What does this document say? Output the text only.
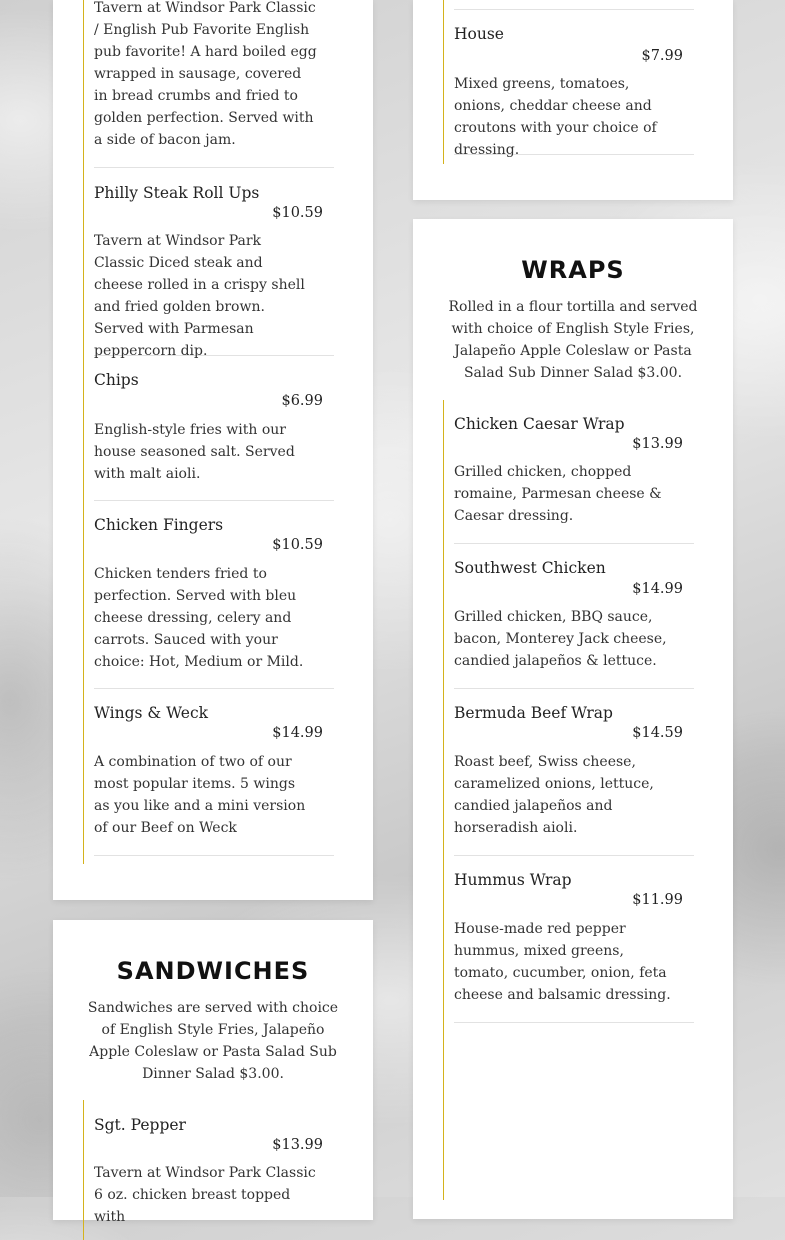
Tavern at Windsor Park Classic / English Pub Favorite English pub favorite! A hard boiled egg wrapped in sausage, covered in bread crumbs and fried to golden perfection. Served with a side of bacon jam.

Philly Steak Roll Ups

$10.59

Tavern at Windsor Park Classic Diced steak and cheese rolled in a crispy shell and fried golden brown. Served with Parmesan peppercorn dip.

Chips

$6.99

English-style fries with our house seasoned salt. Served with malt aioli.

Chicken Fingers

$10.59

Chicken tenders fried to perfection. Served with bleu cheese dressing, celery and carrots. Sauced with your choice: Hot, Medium or Mild.

Wings & Weck

$14.99

A combination of two of our most popular items. 5 wings as you like and a mini version of our Beef on Weck

SANDWICHES

Sandwiches are served with choice of English Style Fries, Jalapeño Apple Coleslaw or Pasta Salad Sub Dinner Salad $3.00.

Sgt. Pepper

$13.99

Tavern at Windsor Park Classic 6 oz. chicken breast topped with

House

$7.99

Mixed greens, tomatoes, onions, cheddar cheese and croutons with your choice of dressing.

WRAPS

Rolled in a flour tortilla and served with choice of English Style Fries, Jalapeño Apple Coleslaw or Pasta Salad Sub Dinner Salad $3.00.

Chicken Caesar Wrap

$13.99

Grilled chicken, chopped romaine, Parmesan cheese & Caesar dressing.

Southwest Chicken

$14.99

Grilled chicken, BBQ sauce, bacon, Monterey Jack cheese, candied jalapeños & lettuce.

Bermuda Beef Wrap

$14.59

Roast beef, Swiss cheese, caramelized onions, lettuce, candied jalapeños and horseradish aioli.

Hummus Wrap

$11.99

House-made red pepper hummus, mixed greens, tomato, cucumber, onion, feta cheese and balsamic dressing.
